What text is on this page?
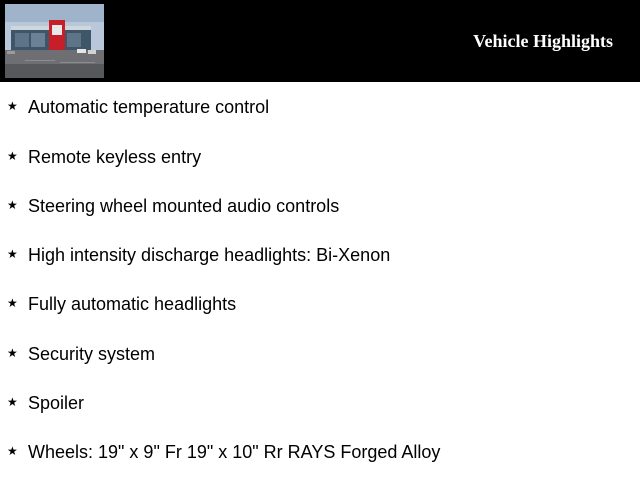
Vehicle Highlights
★ Automatic temperature control
★ Remote keyless entry
★ Steering wheel mounted audio controls
★ High intensity discharge headlights: Bi-Xenon
★ Fully automatic headlights
★ Security system
★ Spoiler
★ Wheels: 19" x 9" Fr 19" x 10" Rr RAYS Forged Alloy
